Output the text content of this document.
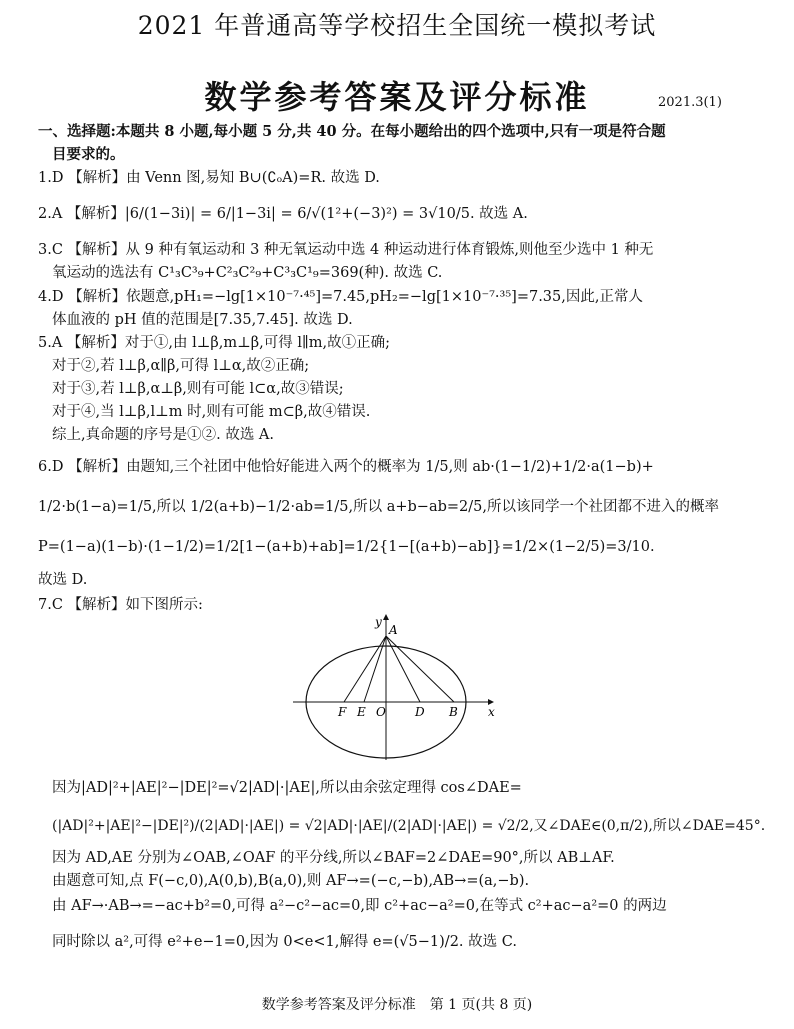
2021 年普通高等学校招生全国统一模拟考试
数学参考答案及评分标准	2021.3(1)
一、选择题:本题共 8 小题,每小题 5 分,共 40 分。在每小题给出的四个选项中,只有一项是符合题
目要求的。
1.D 【解析】由 Venn 图,易知 B∪(∁ₒA)=R. 故选 D.
2.A 【解析】|6/(1−3i)| = 6/|1−3i| = 6/√(1²+(−3)²) = 3√10/5. 故选 A.
3.C 【解析】从 9 种有氧运动和 3 种无氧运动中选 4 种运动进行体育锻炼,则他至少选中 1 种无
氧运动的选法有 C¹₃C³₉+C²₃C²₉+C³₃C¹₉=369(种). 故选 C.
4.D 【解析】依题意,pH₁=−lg[1×10⁻⁷·⁴⁵]=7.45,pH₂=−lg[1×10⁻⁷·³⁵]=7.35,因此,正常人
体血液的 pH 值的范围是[7.35,7.45]. 故选 D.
5.A 【解析】对于①,由 l⊥β,m⊥β,可得 l∥m,故①正确;
对于②,若 l⊥β,α∥β,可得 l⊥α,故②正确;
对于③,若 l⊥β,α⊥β,则有可能 l⊂α,故③错误;
对于④,当 l⊥β,l⊥m 时,则有可能 m⊂β,故④错误.
综上,真命题的序号是①②. 故选 A.
6.D 【解析】由题知,三个社团中他恰好能进入两个的概率为 1/5,则 ab·(1−1/2)+1/2·a(1−b)+
1/2·b(1−a)=1/5,所以 1/2(a+b)−1/2·ab=1/5,所以 a+b−ab=2/5,所以该同学一个社团都不进入的概率
P=(1−a)(1−b)·(1−1/2)=1/2[1−(a+b)+ab]=1/2{1−[(a+b)−ab]}=1/2×(1−2/5)=3/10.
故选 D.
7.C 【解析】如下图所示:
y
A
x
F E O D B
因为|AD|²+|AE|²−|DE|²=√2|AD|·|AE|,所以由余弦定理得 cos∠DAE=
(|AD|²+|AE|²−|DE|²)/(2|AD|·|AE|) = √2|AD|·|AE|/(2|AD|·|AE|) = √2/2,又∠DAE∈(0,π/2),所以∠DAE=45°.
因为 AD,AE 分别为∠OAB,∠OAF 的平分线,所以∠BAF=2∠DAE=90°,所以 AB⊥AF.
由题意可知,点 F(−c,0),A(0,b),B(a,0),则 AF→=(−c,−b),AB→=(a,−b).
由 AF→·AB→=−ac+b²=0,可得 a²−c²−ac=0,即 c²+ac−a²=0,在等式 c²+ac−a²=0 的两边
同时除以 a²,可得 e²+e−1=0,因为 0<e<1,解得 e=(√5−1)/2. 故选 C.
数学参考答案及评分标准　第 1 页(共 8 页)
